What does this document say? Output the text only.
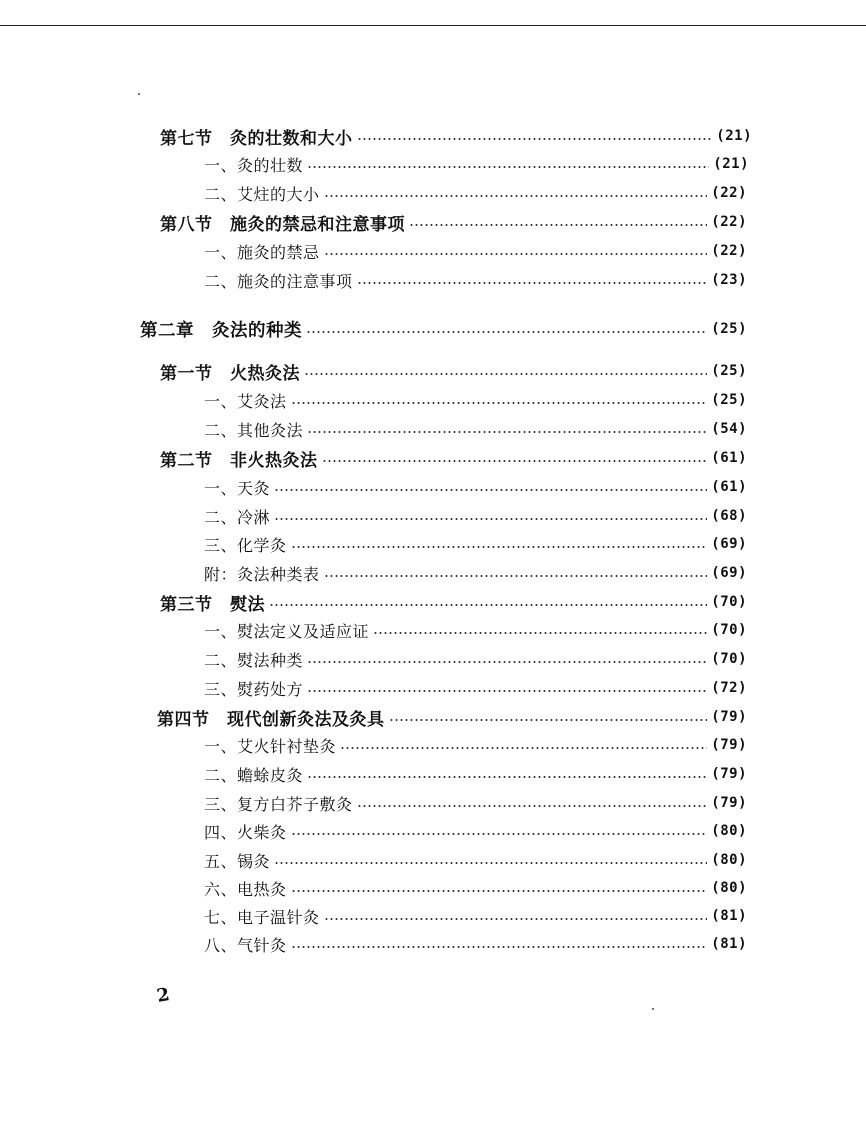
第七节　灸的壮数和大小	(21)
一、灸的壮数	(21)
二、艾炷的大小	(22)
第八节　施灸的禁忌和注意事项	(22)
一、施灸的禁忌	(22)
二、施灸的注意事项	(23)
第二章　灸法的种类	(25)
第一节　火热灸法	(25)
一、艾灸法	(25)
二、其他灸法	(54)
第二节　非火热灸法	(61)
一、天灸	(61)
二、冷淋	(68)
三、化学灸	(69)
附：灸法种类表	(69)
第三节　熨法	(70)
一、熨法定义及适应证	(70)
二、熨法种类	(70)
三、熨药处方	(72)
第四节　现代创新灸法及灸具	(79)
一、艾火针衬垫灸	(79)
二、蟾蜍皮灸	(79)
三、复方白芥子敷灸	(79)
四、火柴灸	(80)
五、锡灸	(80)
六、电热灸	(80)
七、电子温针灸	(81)
八、气针灸	(81)
2
